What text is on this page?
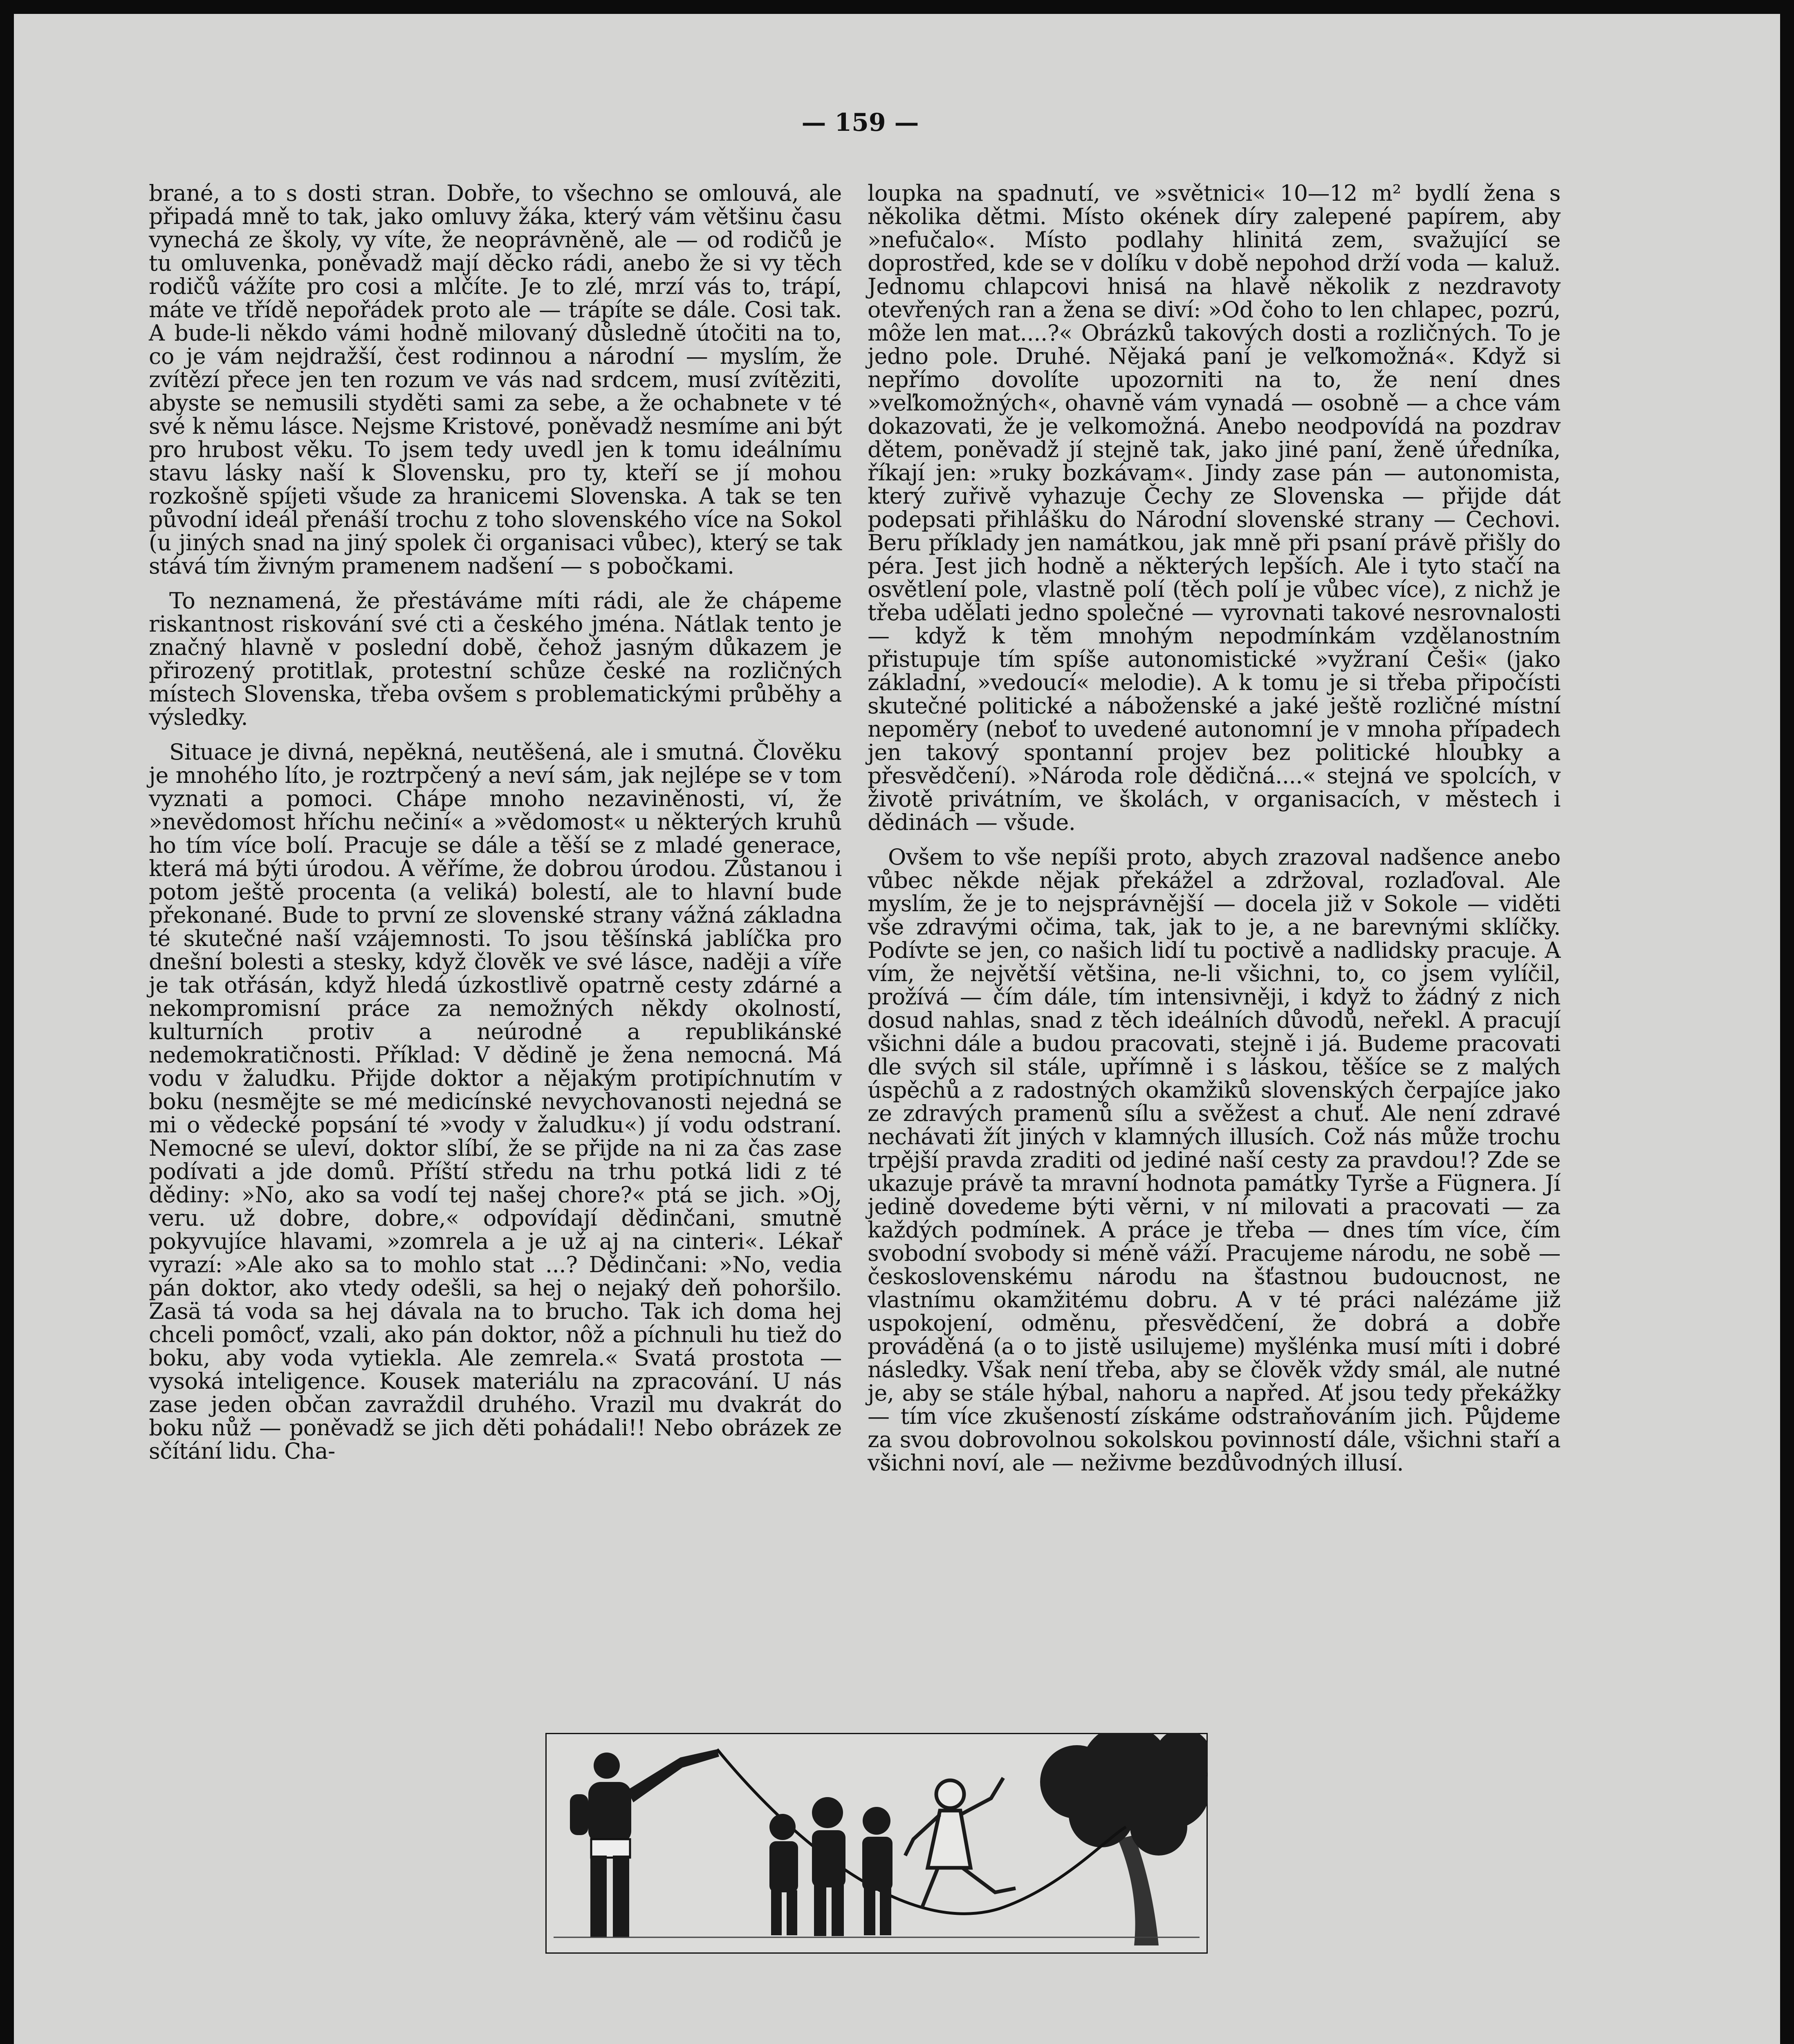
— 159 —

brané, a to s dosti stran. Dobře, to všechno se omlouvá, ale připadá mně to tak, jako omluvy žáka, který vám většinu času vynechá ze školy, vy víte, že neoprávněně, ale — od rodičů je tu omluvenka, poněvadž mají děcko rádi, anebo že si vy těch rodičů vážíte pro cosi a mlčíte. Je to zlé, mrzí vás to, trápí, máte ve třídě nepořádek proto ale — trápíte se dále. Cosi tak. A bude-li někdo vámi hodně milovaný důsledně útočiti na to, co je vám nejdražší, čest rodinnou a národní — myslím, že zvítězí přece jen ten rozum ve vás nad srdcem, musí zvítěziti, abyste se nemusili styděti sami za sebe, a že ochabnete v té své k němu lásce. Nejsme Kristové, poněvadž nesmíme ani být pro hrubost věku. To jsem tedy uvedl jen k tomu ideálnímu stavu lásky naší k Slovensku, pro ty, kteří se jí mohou rozkošně spíjeti všude za hranicemi Slovenska. A tak se ten původní ideál přenáší trochu z toho slovenského více na Sokol (u jiných snad na jiný spolek či organisaci vůbec), který se tak stává tím živným pramenem nadšení — s pobočkami.

To neznamená, že přestáváme míti rádi, ale že chápeme riskantnost riskování své cti a českého jména. Nátlak tento je značný hlavně v poslední době, čehož jasným důkazem je přirozený protitlak, protestní schůze české na rozličných místech Slovenska, třeba ovšem s problematickými průběhy a výsledky.

Situace je divná, nepěkná, neutěšená, ale i smutná. Člověku je mnohého líto, je roztrpčený a neví sám, jak nejlépe se v tom vyznati a pomoci. Chápe mnoho nezaviněnosti, ví, že »nevědomost hříchu nečiní« a »vědomost« u některých kruhů ho tím více bolí. Pracuje se dále a těší se z mladé generace, která má býti úrodou. A věříme, že dobrou úrodou. Zůstanou i potom ještě procenta (a veliká) bolestí, ale to hlavní bude překonané. Bude to první ze slovenské strany vážná základna té skutečné naší vzájemnosti. To jsou těšínská jablíčka pro dnešní bolesti a stesky, když člověk ve své lásce, naději a víře je tak otřásán, když hledá úzkostlivě opatrně cesty zdárné a nekompromisní práce za nemožných někdy okolností, kulturních protiv a neúrodné a republikánské nedemokratičnosti. Příklad: V dědině je žena nemocná. Má vodu v žaludku. Přijde doktor a nějakým protipíchnutím v boku (nesmějte se mé medicínské nevychovanosti nejedná se mi o vědecké popsání té »vody v žaludku«) jí vodu odstraní. Nemocné se uleví, doktor slíbí, že se přijde na ni za čas zase podívati a jde domů. Příští středu na trhu potká lidi z té dědiny: »No, ako sa vodí tej našej chore?« ptá se jich. »Oj, veru. už dobre, dobre,« odpovídají dědinčani, smutně pokyvujíce hlavami, »zomrela a je už aj na cinteri«. Lékař vyrazí: »Ale ako sa to mohlo stat ...? Dědinčani: »No, vedia pán doktor, ako vtedy odešli, sa hej o nejaký deň pohoršilo. Zasä tá voda sa hej dávala na to brucho. Tak ich doma hej chceli pomôcť, vzali, ako pán doktor, nôž a píchnuli hu tiež do boku, aby voda vytiekla. Ale zemrela.« Svatá prostota — vysoká inteligence. Kousek materiálu na zpracování. U nás zase jeden občan zavraždil druhého. Vrazil mu dvakrát do boku nůž — poněvadž se jich děti pohádali!! Nebo obrázek ze sčítání lidu. Cha-

loupka na spadnutí, ve »světnici« 10—12 m² bydlí žena s několika dětmi. Místo okének díry zalepené papírem, aby »nefučalo«. Místo podlahy hlinitá zem, svažující se doprostřed, kde se v dolíku v době nepohod drží voda — kaluž. Jednomu chlapcovi hnisá na hlavě několik z nezdravoty otevřených ran a žena se diví: »Od čoho to len chlapec, pozrú, môže len mat....?« Obrázků takových dosti a rozličných. To je jedno pole. Druhé. Nějaká paní je veľkomožná«. Když si nepřímo dovolíte upozorniti na to, že není dnes »veľkomožných«, ohavně vám vynadá — osobně — a chce vám dokazovati, že je velkomožná. Anebo neodpovídá na pozdrav dětem, poněvadž jí stejně tak, jako jiné paní, ženě úředníka, říkají jen: »ruky bozkávam«. Jindy zase pán — autonomista, který zuřivě vyhazuje Čechy ze Slovenska — přijde dát podepsati přihlášku do Národní slovenské strany — Čechovi. Beru příklady jen namátkou, jak mně při psaní právě přišly do péra. Jest jich hodně a některých lepších. Ale i tyto stačí na osvětlení pole, vlastně polí (těch polí je vůbec více), z nichž je třeba udělati jedno společné — vyrovnati takové nesrovnalosti — když k těm mnohým nepodmínkám vzdělanostním přistupuje tím spíše autonomistické »vyžraní Češi« (jako základní, »vedoucí« melodie). A k tomu je si třeba připočísti skutečné politické a náboženské a jaké ještě rozličné místní nepoměry (neboť to uvedené autonomní je v mnoha případech jen takový spontanní projev bez politické hloubky a přesvědčení). »Národa role dědičná....« stejná ve spolcích, v životě privátním, ve školách, v organisacích, v městech i dědinách — všude.

Ovšem to vše nepíši proto, abych zrazoval nadšence anebo vůbec někde nějak překážel a zdržoval, rozlaďoval. Ale myslím, že je to nejsprávnější — docela již v Sokole — viděti vše zdravými očima, tak, jak to je, a ne barevnými sklíčky. Podívte se jen, co našich lidí tu poctivě a nadlidsky pracuje. A vím, že největší většina, ne-li všichni, to, co jsem vylíčil, prožívá — čím dále, tím intensivněji, i když to žádný z nich dosud nahlas, snad z těch ideálních důvodů, neřekl. A pracují všichni dále a budou pracovati, stejně i já. Budeme pracovati dle svých sil stále, upřímně i s láskou, těšíce se z malých úspěchů a z radostných okamžiků slovenských čerpajíce jako ze zdravých pramenů sílu a svěžest a chuť. Ale není zdravé nechávati žít jiných v klamných illusích. Což nás může trochu trpější pravda zraditi od jediné naší cesty za pravdou!? Zde se ukazuje právě ta mravní hodnota památky Tyrše a Fügnera. Jí jedině dovedeme býti věrni, v ní milovati a pracovati — za každých podmínek. A práce je třeba — dnes tím více, čím svobodní svobody si méně váží. Pracujeme národu, ne sobě — československému národu na šťastnou budoucnost, ne vlastnímu okamžitému dobru. A v té práci nalézáme již uspokojení, odměnu, přesvědčení, že dobrá a dobře prováděná (a o to jistě usilujeme) myšlénka musí míti i dobré následky. Však není třeba, aby se člověk vždy smál, ale nutné je, aby se stále hýbal, nahoru a napřed. Ať jsou tedy překážky — tím více zkušeností získáme odstraňováním jich. Půjdeme za svou dobrovolnou sokolskou povinností dále, všichni staří a všichni noví, ale — neživme bezdůvodných illusí.
